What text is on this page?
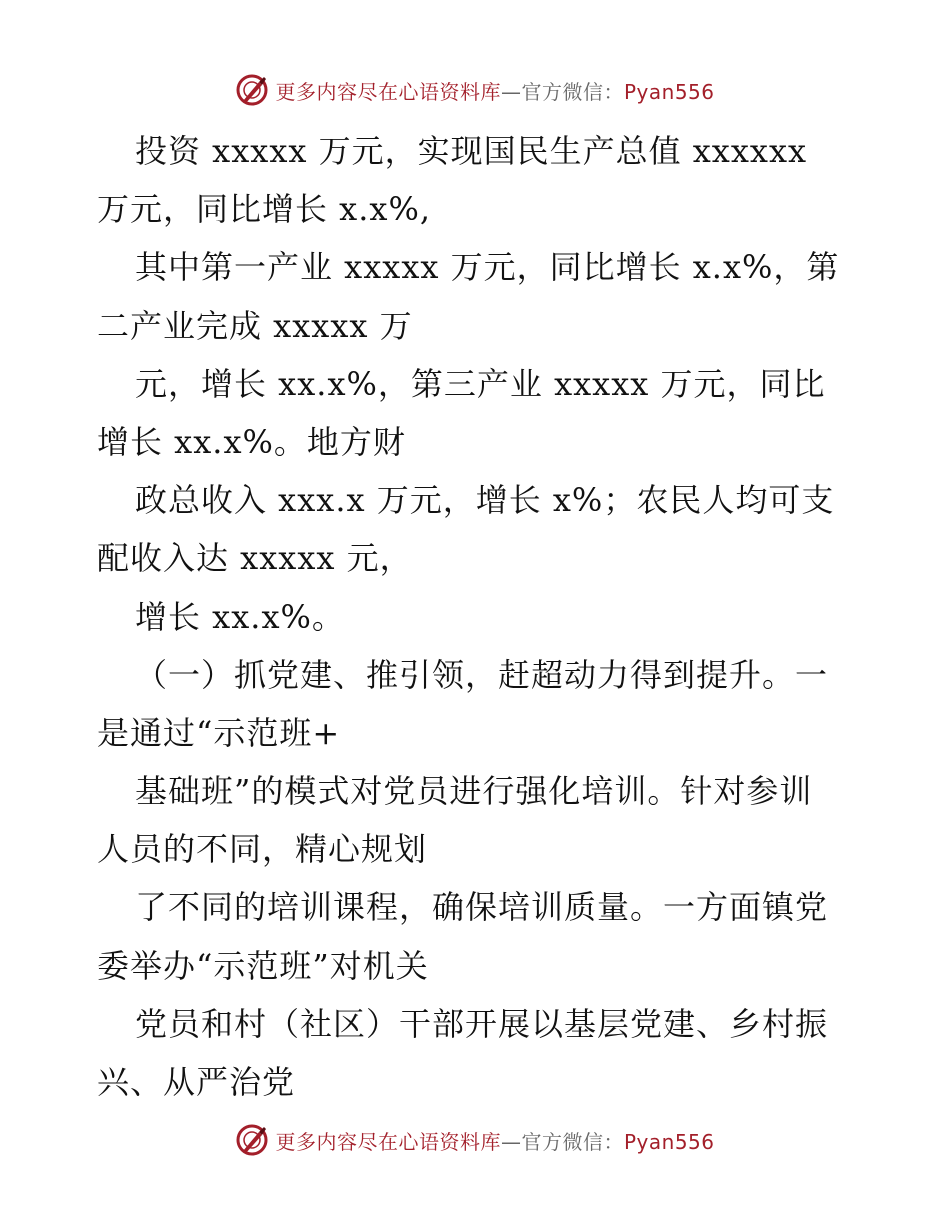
更多内容尽在心语资料库—官方微信：Pyan556
投资 xxxxx 万元，实现国民生产总值 xxxxxx
万元，同比增长 x.x%,
其中第一产业 xxxxx 万元，同比增长 x.x%，第
二产业完成 xxxxx 万
元，增长 xx.x%，第三产业 xxxxx 万元，同比
增长 xx.x%。地方财
政总收入 xxx.x 万元，增长 x%；农民人均可支
配收入达 xxxxx 元，
增长 xx.x%。
（一）抓党建、推引领，赶超动力得到提升。一
是通过“示范班+
基础班”的模式对党员进行强化培训。针对参训
人员的不同，精心规划
了不同的培训课程，确保培训质量。一方面镇党
委举办“示范班”对机关
党员和村（社区）干部开展以基层党建、乡村振
兴、从严治党
更多内容尽在心语资料库—官方微信：Pyan556
